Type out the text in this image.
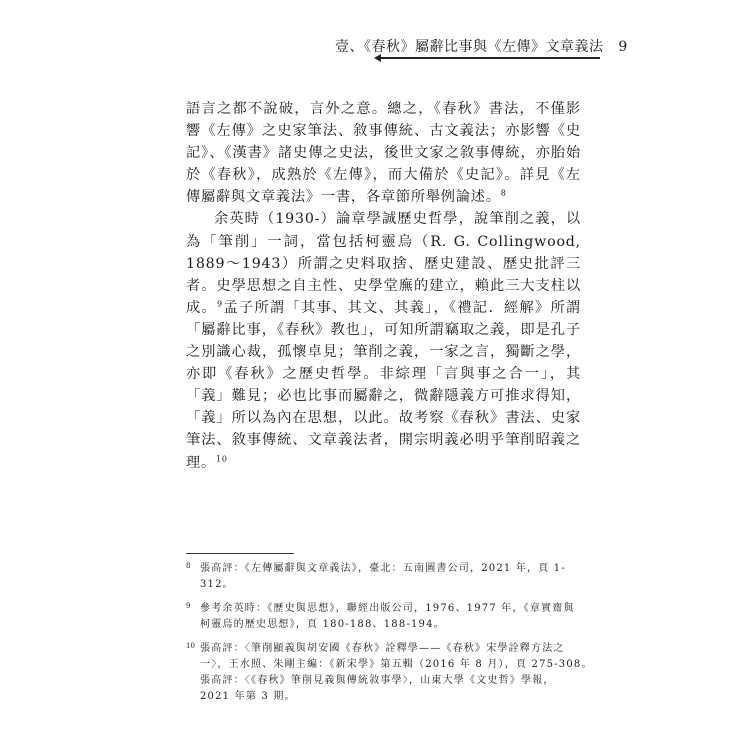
壹、《春秋》屬辭比事與《左傳》文章義法 9

語言之都不說破，言外之意。總之，《春秋》書法，不僅影響《左傳》之史家筆法、敘事傳統、古文義法；亦影響《史記》、《漢書》諸史傳之史法，後世文家之敘事傳統，亦胎始於《春秋》，成熟於《左傳》，而大備於《史記》。詳見《左傳屬辭與文章義法》一書，各章節所舉例論述。$^8$

余英時（1930-）論章學誠歷史哲學，說筆削之義，以為「筆削」一詞，當包括柯靈烏（R. G. Collingwood, 1889～1943）所謂之史料取捨、歷史建設、歷史批評三者。史學思想之自主性、史學堂廡的建立，賴此三大支柱以成。$^9$孟子所謂「其事、其文、其義」，《禮記．經解》所謂「屬辭比事，《春秋》教也」，可知所謂竊取之義，即是孔子之別識心裁，孤懷卓見；筆削之義，一家之言，獨斷之學，亦即《春秋》之歷史哲學。非綜理「言與事之合一」，其「義」難見；必也比事而屬辭之，微辭隱義方可推求得知，「義」所以為內在思想，以此。故考察《春秋》書法、史家筆法、敘事傳統、文章義法者，開宗明義必明乎筆削昭義之理。$^{10}$

8 張高評：《左傳屬辭與文章義法》，臺北：五南圖書公司，2021 年，頁 1-
312。
9 參考余英時：《歷史與思想》，聯經出版公司，1976、1977 年，《章實齋與
柯靈烏的歷史思想》，頁 180-188、188-194。
10 張高評：〈筆削顯義與胡安國《春秋》詮釋學——《春秋》宋學詮釋方法之
一〉，王水照、朱剛主編：《新宋學》第五輯（2016 年 8 月），頁 275-308。
張高評：〈《春秋》筆削見義與傳統敘事學〉，山東大學《文史哲》學報，
2021 年第 3 期。
